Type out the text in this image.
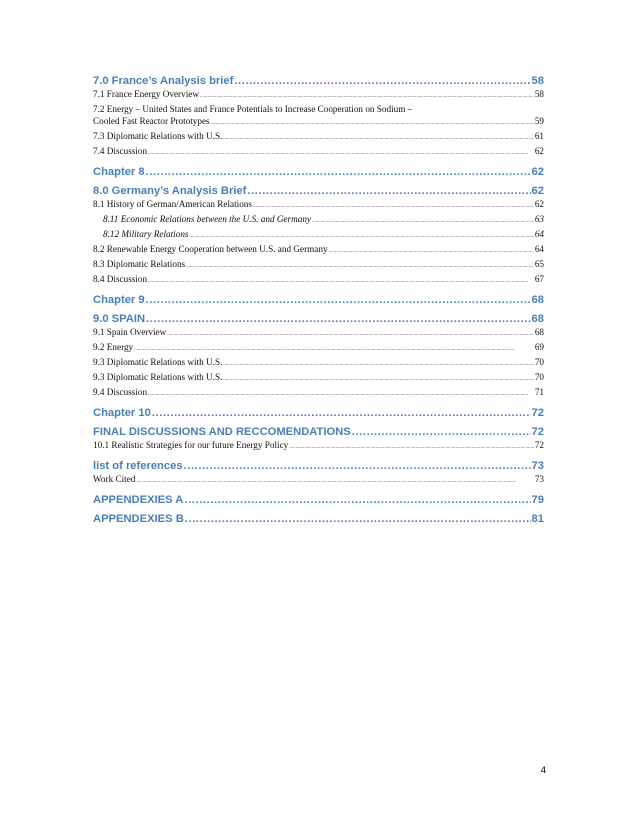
7.0 France’s Analysis brief .....	58
7.1 France Energy Overview .....	58
7.2 Energy – United States and France Potentials to Increase Cooperation on Sodium –
Cooled Fast Reactor Prototypes .....	59
7.3 Diplomatic Relations with U.S. .....	61
7.4 Discussion .....	62
Chapter 8 .....	62
8.0 Germany’s Analysis Brief .....	62
8.1 History of German/American Relations .....	62
8.11 Economic Relations between the U.S. and Germany .....	63
8.12 Military Relations .....	64
8.2 Renewable Energy Cooperation between U.S. and Germany .....	64
8.3 Diplomatic Relations .....	65
8.4 Discussion .....	67
Chapter 9 .....	68
9.0 SPAIN .....	68
9.1 Spain Overview .....	68
9.2 Energy .....	69
9.3 Diplomatic Relations with U.S. .....	70
9.3 Diplomatic Relations with U.S. .....	70
9.4 Discussion .....	71
Chapter 10 .....	72
FINAL DISCUSSIONS AND RECCOMENDATIONS .....	72
10.1 Realistic Strategies for our future Energy Policy .....	72
list of references .....	73
Work Cited .....	73
APPENDEXIES A .....	79
APPENDEXIES B .....	81
4
